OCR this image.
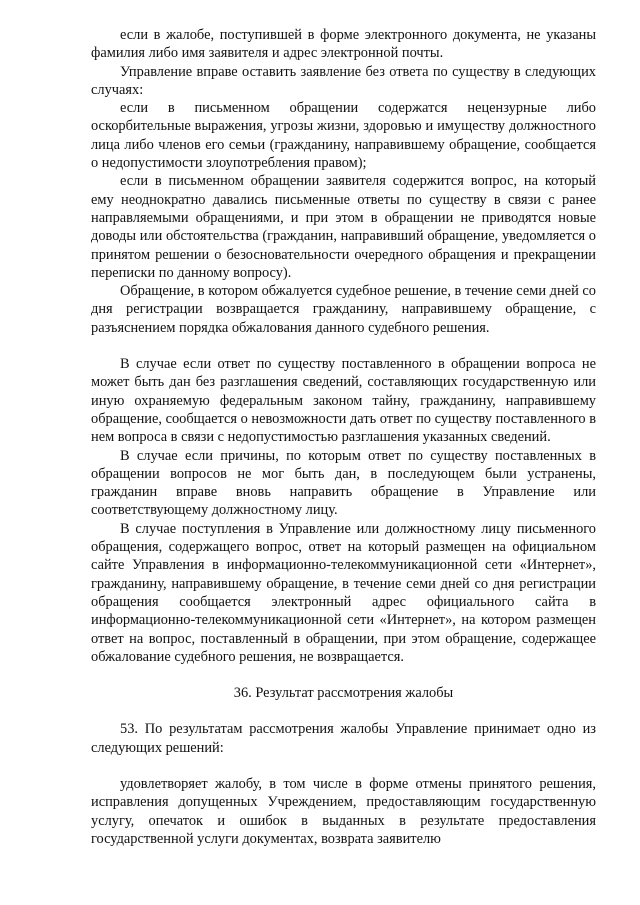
если в жалобе, поступившей в форме электронного документа, не указаны фамилия либо имя заявителя и адрес электронной почты.

Управление вправе оставить заявление без ответа по существу в следующих случаях:

если в письменном обращении содержатся нецензурные либо оскорбительные выражения, угрозы жизни, здоровью и имуществу должностного лица либо членов его семьи (гражданину, направившему обращение, сообщается о недопустимости злоупотребления правом);

если в письменном обращении заявителя содержится вопрос, на который ему неоднократно давались письменные ответы по существу в связи с ранее направляемыми обращениями, и при этом в обращении не приводятся новые доводы или обстоятельства (гражданин, направивший обращение, уведомляется о принятом решении о безосновательности очередного обращения и прекращении переписки по данному вопросу).

Обращение, в котором обжалуется судебное решение, в течение семи дней со дня регистрации возвращается гражданину, направившему обращение, с разъяснением порядка обжалования данного судебного решения.

В случае если ответ по существу поставленного в обращении вопроса не может быть дан без разглашения сведений, составляющих государственную или иную охраняемую федеральным законом тайну, гражданину, направившему обращение, сообщается о невозможности дать ответ по существу поставленного в нем вопроса в связи с недопустимостью разглашения указанных сведений.

В случае если причины, по которым ответ по существу поставленных в обращении вопросов не мог быть дан, в последующем были устранены, гражданин вправе вновь направить обращение в Управление или соответствующему должностному лицу.

В случае поступления в Управление или должностному лицу письменного обращения, содержащего вопрос, ответ на который размещен на официальном сайте Управления в информационно-телекоммуникационной сети «Интернет», гражданину, направившему обращение, в течение семи дней со дня регистрации обращения сообщается электронный адрес официального сайта в информационно-телекоммуникационной сети «Интернет», на котором размещен ответ на вопрос, поставленный в обращении, при этом обращение, содержащее обжалование судебного решения, не возвращается.

36. Результат рассмотрения жалобы

53. По результатам рассмотрения жалобы Управление принимает одно из следующих решений:

удовлетворяет жалобу, в том числе в форме отмены принятого решения, исправления допущенных Учреждением, предоставляющим государственную услугу, опечаток и ошибок в выданных в результате предоставления государственной услуги документах, возврата заявителю
